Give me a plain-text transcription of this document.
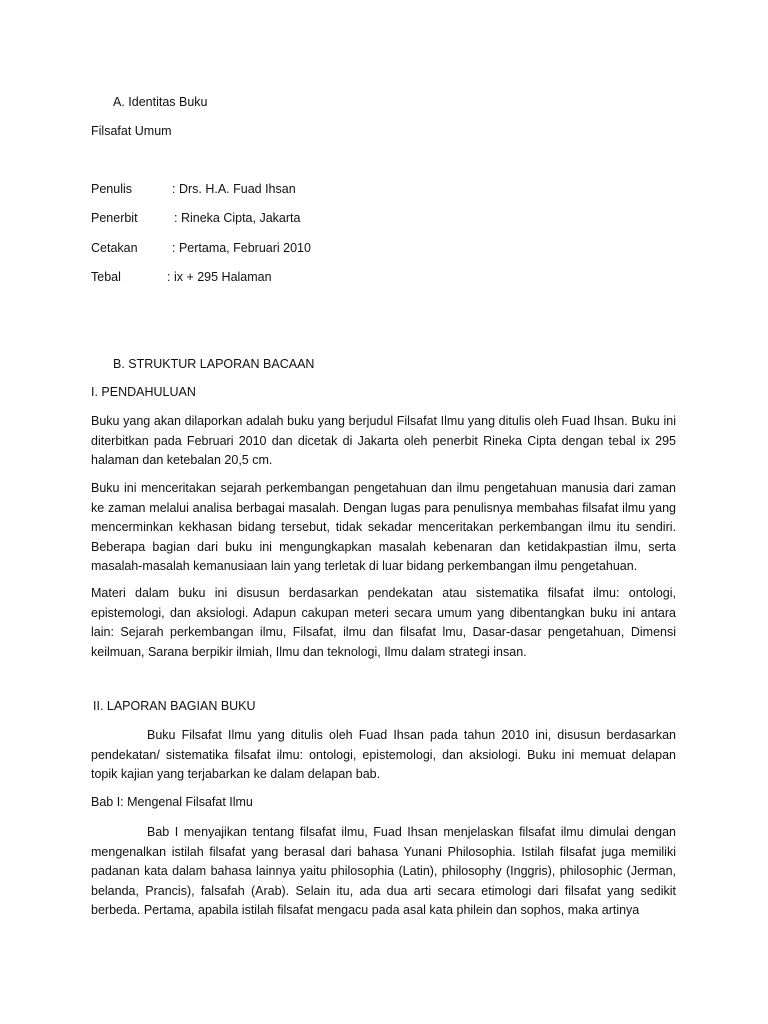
A. Identitas Buku
Filsafat Umum
Penulis	: Drs. H.A. Fuad Ihsan
Penerbit	: Rineka Cipta, Jakarta
Cetakan	: Pertama, Februari 2010
Tebal	: ix + 295 Halaman
B. STRUKTUR LAPORAN BACAAN
I. PENDAHULUAN

Buku yang akan dilaporkan adalah buku yang berjudul Filsafat Ilmu yang ditulis oleh Fuad Ihsan. Buku ini diterbitkan pada Februari 2010 dan dicetak di Jakarta oleh penerbit Rineka Cipta dengan tebal ix 295 halaman dan ketebalan 20,5 cm.

Buku ini menceritakan sejarah perkembangan pengetahuan dan ilmu pengetahuan manusia dari zaman ke zaman melalui analisa berbagai masalah. Dengan lugas para penulisnya membahas filsafat ilmu yang mencerminkan kekhasan bidang tersebut, tidak sekadar menceritakan perkembangan ilmu itu sendiri. Beberapa bagian dari buku ini mengungkapkan masalah kebenaran dan ketidakpastian ilmu, serta masalah-masalah kemanusiaan lain yang terletak di luar bidang perkembangan ilmu pengetahuan.

Materi dalam buku ini disusun berdasarkan pendekatan atau sistematika filsafat ilmu: ontologi, epistemologi, dan aksiologi. Adapun cakupan meteri secara umum yang dibentangkan buku ini antara lain: Sejarah perkembangan ilmu, Filsafat, ilmu dan filsafat lmu, Dasar-dasar pengetahuan, Dimensi keilmuan, Sarana berpikir ilmiah, Ilmu dan teknologi, Ilmu dalam strategi insan.

II. LAPORAN BAGIAN BUKU

Buku Filsafat Ilmu yang ditulis oleh Fuad Ihsan pada tahun 2010 ini, disusun berdasarkan pendekatan/ sistematika filsafat ilmu: ontologi, epistemologi, dan aksiologi. Buku ini memuat delapan topik kajian yang terjabarkan ke dalam delapan bab.

Bab I: Mengenal Filsafat Ilmu

Bab I menyajikan tentang filsafat ilmu, Fuad Ihsan menjelaskan filsafat ilmu dimulai dengan mengenalkan istilah filsafat yang berasal dari bahasa Yunani Philosophia. Istilah filsafat juga memiliki padanan kata dalam bahasa lainnya yaitu philosophia (Latin), philosophy (Inggris), philosophic (Jerman, belanda, Prancis), falsafah (Arab). Selain itu, ada dua arti secara etimologi dari filsafat yang sedikit berbeda. Pertama, apabila istilah filsafat mengacu pada asal kata philein dan sophos, maka artinya
